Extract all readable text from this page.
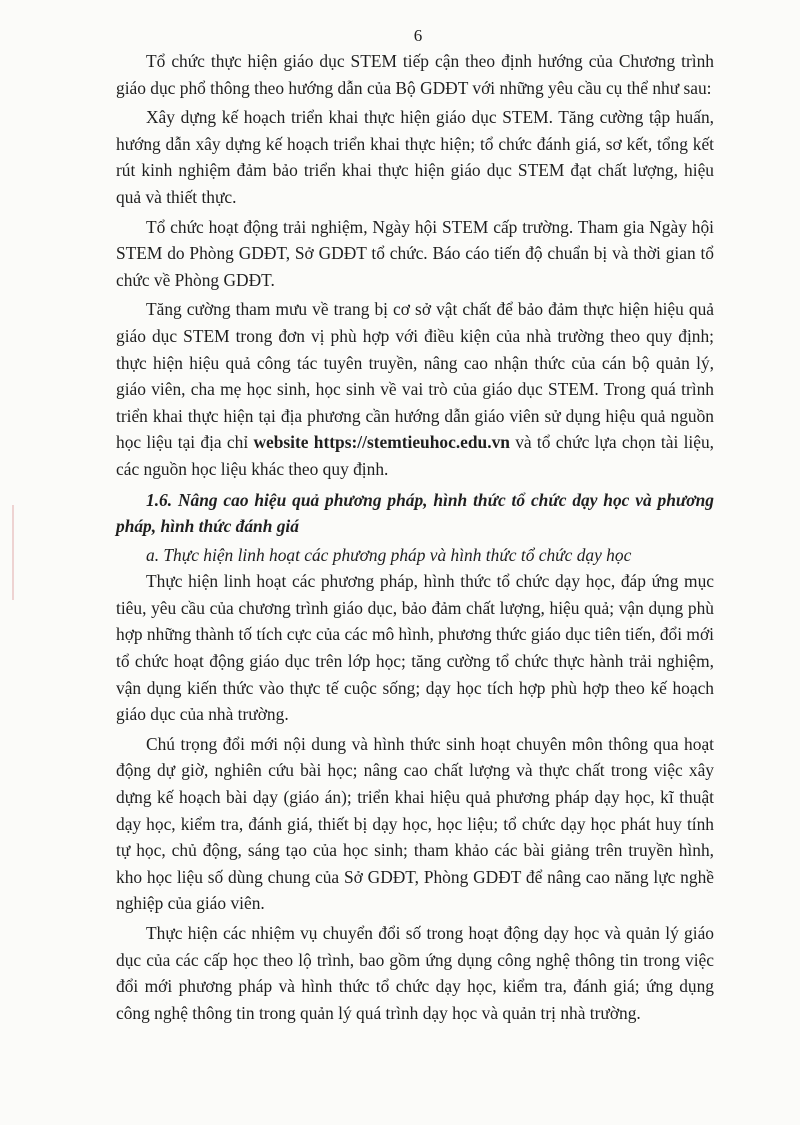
6

Tổ chức thực hiện giáo dục STEM tiếp cận theo định hướng của Chương trình giáo dục phổ thông theo hướng dẫn của Bộ GDĐT với những yêu cầu cụ thể như sau:

Xây dựng kế hoạch triển khai thực hiện giáo dục STEM. Tăng cường tập huấn, hướng dẫn xây dựng kế hoạch triển khai thực hiện; tổ chức đánh giá, sơ kết, tổng kết rút kinh nghiệm đảm bảo triển khai thực hiện giáo dục STEM đạt chất lượng, hiệu quả và thiết thực.

Tổ chức hoạt động trải nghiệm, Ngày hội STEM cấp trường. Tham gia Ngày hội STEM do Phòng GDĐT, Sở GDĐT tổ chức. Báo cáo tiến độ chuẩn bị và thời gian tổ chức về Phòng GDĐT.

Tăng cường tham mưu về trang bị cơ sở vật chất để bảo đảm thực hiện hiệu quả giáo dục STEM trong đơn vị phù hợp với điều kiện của nhà trường theo quy định; thực hiện hiệu quả công tác tuyên truyền, nâng cao nhận thức của cán bộ quản lý, giáo viên, cha mẹ học sinh, học sinh về vai trò của giáo dục STEM. Trong quá trình triển khai thực hiện tại địa phương cần hướng dẫn giáo viên sử dụng hiệu quả nguồn học liệu tại địa chỉ website https://stemtieuhoc.edu.vn và tổ chức lựa chọn tài liệu, các nguồn học liệu khác theo quy định.

1.6. Nâng cao hiệu quả phương pháp, hình thức tổ chức dạy học và phương pháp, hình thức đánh giá

a. Thực hiện linh hoạt các phương pháp và hình thức tổ chức dạy học

Thực hiện linh hoạt các phương pháp, hình thức tổ chức dạy học, đáp ứng mục tiêu, yêu cầu của chương trình giáo dục, bảo đảm chất lượng, hiệu quả; vận dụng phù hợp những thành tố tích cực của các mô hình, phương thức giáo dục tiên tiến, đổi mới tổ chức hoạt động giáo dục trên lớp học; tăng cường tổ chức thực hành trải nghiệm, vận dụng kiến thức vào thực tế cuộc sống; dạy học tích hợp phù hợp theo kế hoạch giáo dục của nhà trường.

Chú trọng đổi mới nội dung và hình thức sinh hoạt chuyên môn thông qua hoạt động dự giờ, nghiên cứu bài học; nâng cao chất lượng và thực chất trong việc xây dựng kế hoạch bài dạy (giáo án); triển khai hiệu quả phương pháp dạy học, kĩ thuật dạy học, kiểm tra, đánh giá, thiết bị dạy học, học liệu; tổ chức dạy học phát huy tính tự học, chủ động, sáng tạo của học sinh; tham khảo các bài giảng trên truyền hình, kho học liệu số dùng chung của Sở GDĐT, Phòng GDĐT để nâng cao năng lực nghề nghiệp của giáo viên.

Thực hiện các nhiệm vụ chuyển đổi số trong hoạt động dạy học và quản lý giáo dục của các cấp học theo lộ trình, bao gồm ứng dụng công nghệ thông tin trong việc đổi mới phương pháp và hình thức tổ chức dạy học, kiểm tra, đánh giá; ứng dụng công nghệ thông tin trong quản lý quá trình dạy học và quản trị nhà trường.
